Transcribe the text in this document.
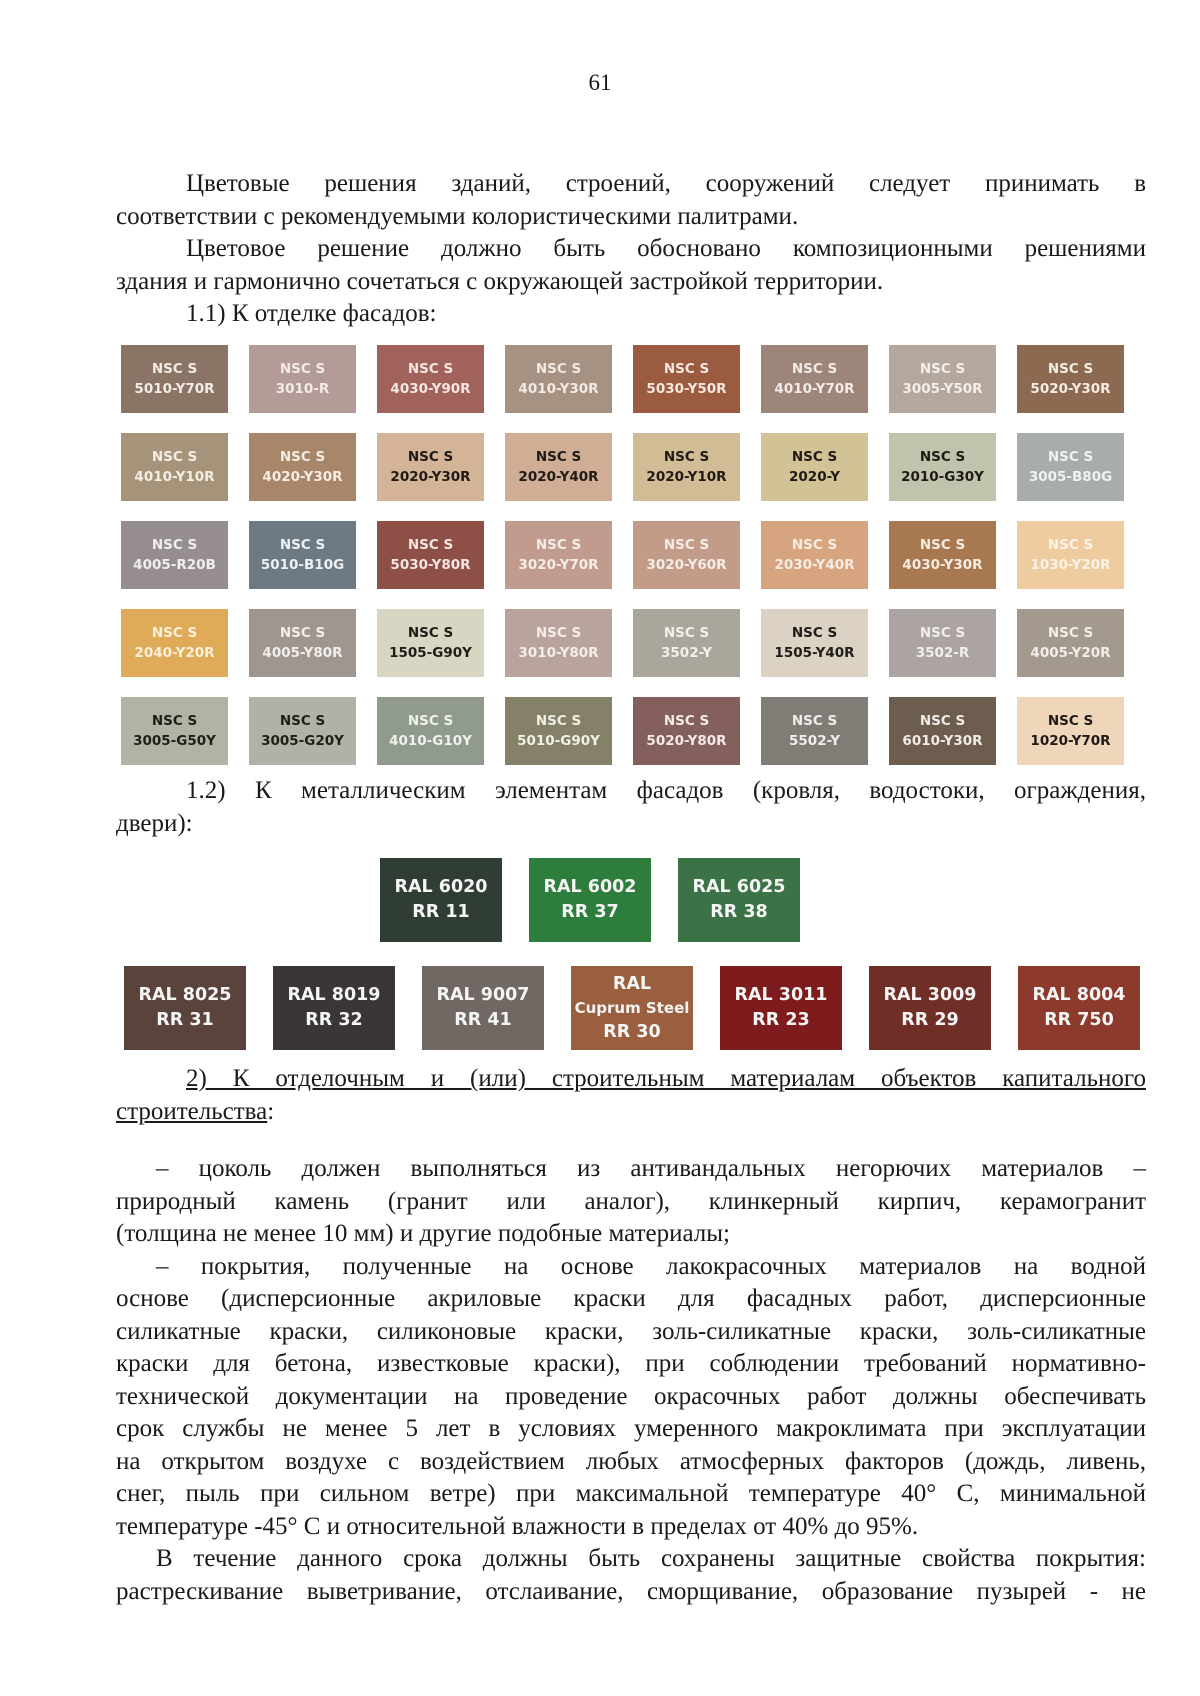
61
Цветовые решения зданий, строений, сооружений следует принимать в
соответствии с рекомендуемыми колористическими палитрами.
Цветовое решение должно быть обосновано композиционными решениями
здания и гармонично сочетаться с окружающей застройкой территории.
1.1) К отделке фасадов:
NSC S
5010-Y70R
NSC S
3010-R
NSC S
4030-Y90R
NSC S
4010-Y30R
NSC S
5030-Y50R
NSC S
4010-Y70R
NSC S
3005-Y50R
NSC S
5020-Y30R
NSC S
4010-Y10R
NSC S
4020-Y30R
NSC S
2020-Y30R
NSC S
2020-Y40R
NSC S
2020-Y10R
NSC S
2020-Y
NSC S
2010-G30Y
NSC S
3005-B80G
NSC S
4005-R20B
NSC S
5010-B10G
NSC S
5030-Y80R
NSC S
3020-Y70R
NSC S
3020-Y60R
NSC S
2030-Y40R
NSC S
4030-Y30R
NSC S
1030-Y20R
NSC S
2040-Y20R
NSC S
4005-Y80R
NSC S
1505-G90Y
NSC S
3010-Y80R
NSC S
3502-Y
NSC S
1505-Y40R
NSC S
3502-R
NSC S
4005-Y20R
NSC S
3005-G50Y
NSC S
3005-G20Y
NSC S
4010-G10Y
NSC S
5010-G90Y
NSC S
5020-Y80R
NSC S
5502-Y
NSC S
6010-Y30R
NSC S
1020-Y70R
1.2) К металлическим элементам фасадов (кровля, водостоки, ограждения,
двери):
RAL 6020
RR 11
RAL 6002
RR 37
RAL 6025
RR 38
RAL 8025
RR 31
RAL 8019
RR 32
RAL 9007
RR 41
RAL
Cuprum Steel
RR 30
RAL 3011
RR 23
RAL 3009
RR 29
RAL 8004
RR 750
2) К отделочным и (или) строительным материалам объектов капитального
строительства:
– цоколь должен выполняться из антивандальных негорючих материалов –
природный камень (гранит или аналог), клинкерный кирпич, керамогранит
(толщина не менее 10 мм) и другие подобные материалы;
– покрытия, полученные на основе лакокрасочных материалов на водной
основе (дисперсионные акриловые краски для фасадных работ, дисперсионные
силикатные краски, силиконовые краски, золь-силикатные краски, золь-силикатные
краски для бетона, известковые краски), при соблюдении требований нормативно-
технической документации на проведение окрасочных работ должны обеспечивать
срок службы не менее 5 лет в условиях умеренного макроклимата при эксплуатации
на открытом воздухе с воздействием любых атмосферных факторов (дождь, ливень,
снег, пыль при сильном ветре) при максимальной температуре 40° С, минимальной
температуре -45° С и относительной влажности в пределах от 40% до 95%.
В течение данного срока должны быть сохранены защитные свойства покрытия:
растрескивание выветривание, отслаивание, сморщивание, образование пузырей - не
